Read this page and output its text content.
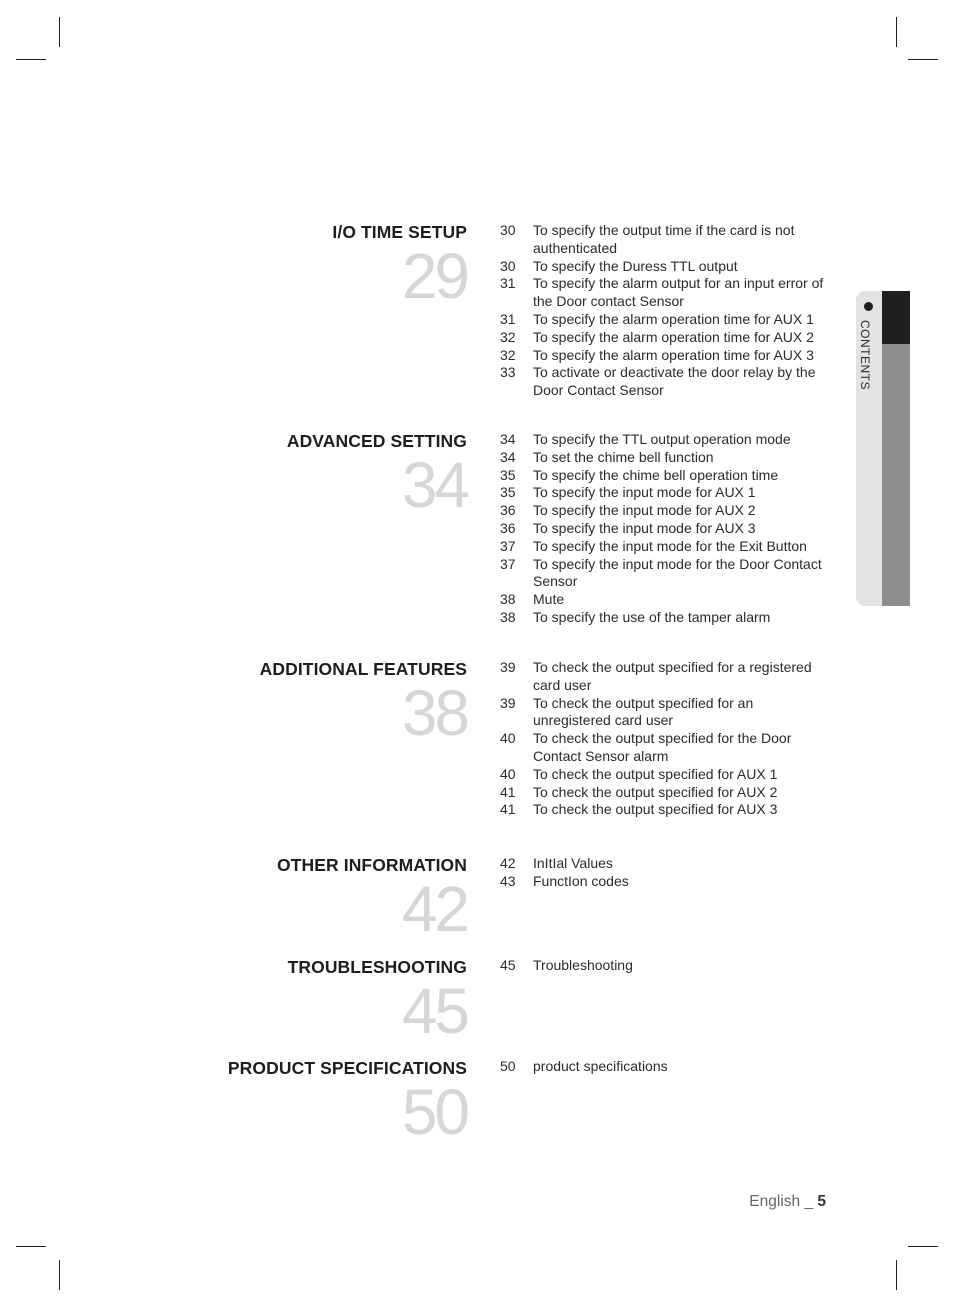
I/O TIME SETUP
29
30	To specify the output time if the card is not authenticated
30	To specify the Duress TTL output
31	To specify the alarm output for an input error of the Door contact Sensor
31	To specify the alarm operation time for AUX 1
32	To specify the alarm operation time for AUX 2
32	To specify the alarm operation time for AUX 3
33	To activate or deactivate the door relay by the Door Contact Sensor
ADVANCED SETTING
34
34	To specify the TTL output operation mode
34	To set the chime bell function
35	To specify the chime bell operation time
35	To specify the input mode for AUX 1
36	To specify the input mode for AUX 2
36	To specify the input mode for AUX 3
37	To specify the input mode for the Exit Button
37	To specify the input mode for the Door Contact Sensor
38	Mute
38	To specify the use of the tamper alarm
ADDITIONAL FEATURES
38
39	To check the output specified for a registered card user
39	To check the output specified for an unregistered card user
40	To check the output specified for the Door Contact Sensor alarm
40	To check the output specified for AUX 1
41	To check the output specified for AUX 2
41	To check the output specified for AUX 3
OTHER INFORMATION
42
42	InItIal Values
43	FunctIon codes
TROUBLESHOOTING
45
45	Troubleshooting
PRODUCT SPECIFICATIONS
50
50	product specifications
CONTENTS
English _ 5
